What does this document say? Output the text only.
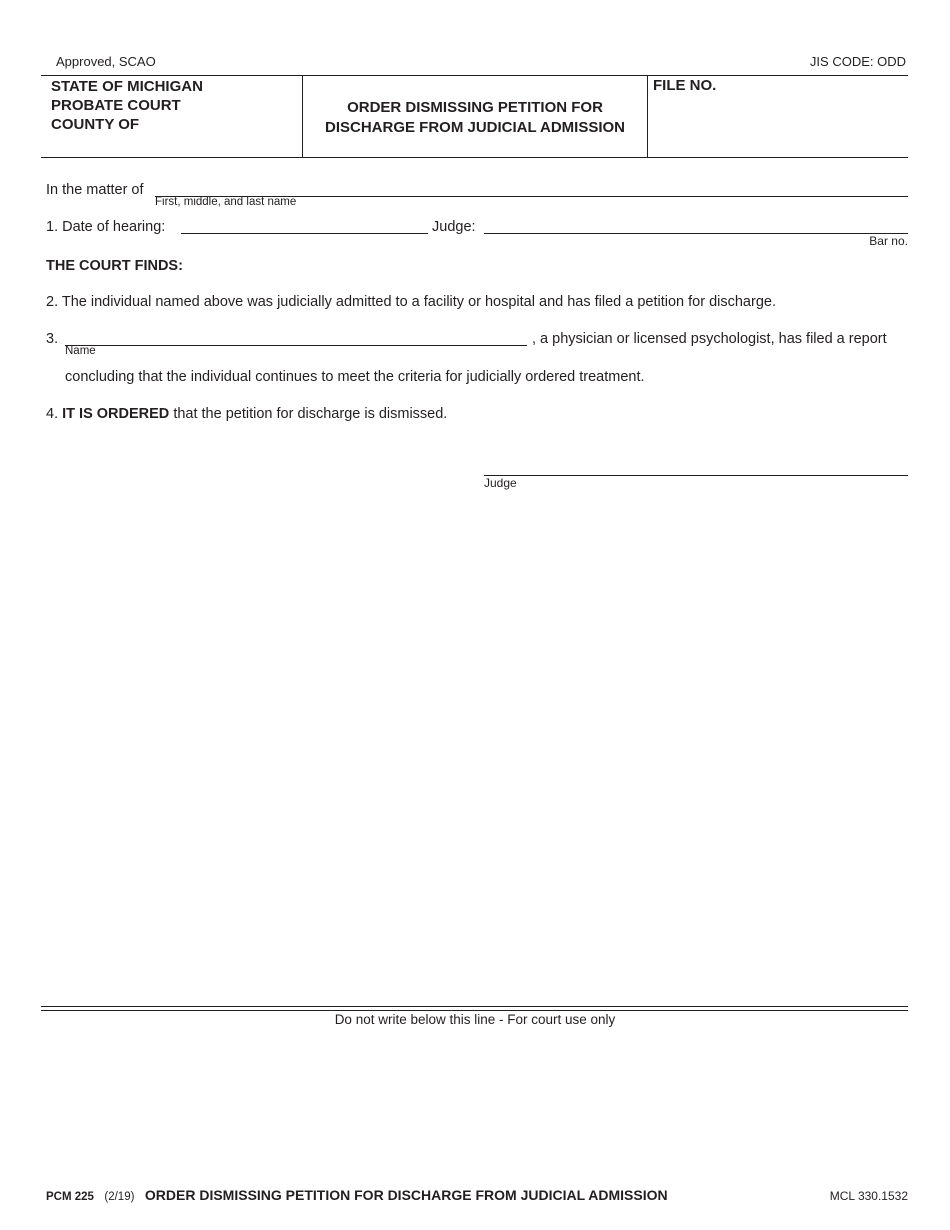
Approved, SCAO	JIS CODE: ODD
STATE OF MICHIGAN
PROBATE COURT
COUNTY OF
ORDER DISMISSING PETITION FOR
DISCHARGE FROM JUDICIAL ADMISSION
FILE NO.
In the matter of
First, middle, and last name
1. Date of hearing:	Judge:
Bar no.
THE COURT FINDS:
2. The individual named above was judicially admitted to a facility or hospital and has filed a petition for discharge.
3.
Name
, a physician or licensed psychologist, has filed a report
concluding that the individual continues to meet the criteria for judicially ordered treatment.
4. IT IS ORDERED that the petition for discharge is dismissed.
Judge
Do not write below this line - For court use only
PCM 225 (2/19) ORDER DISMISSING PETITION FOR DISCHARGE FROM JUDICIAL ADMISSION	MCL 330.1532
